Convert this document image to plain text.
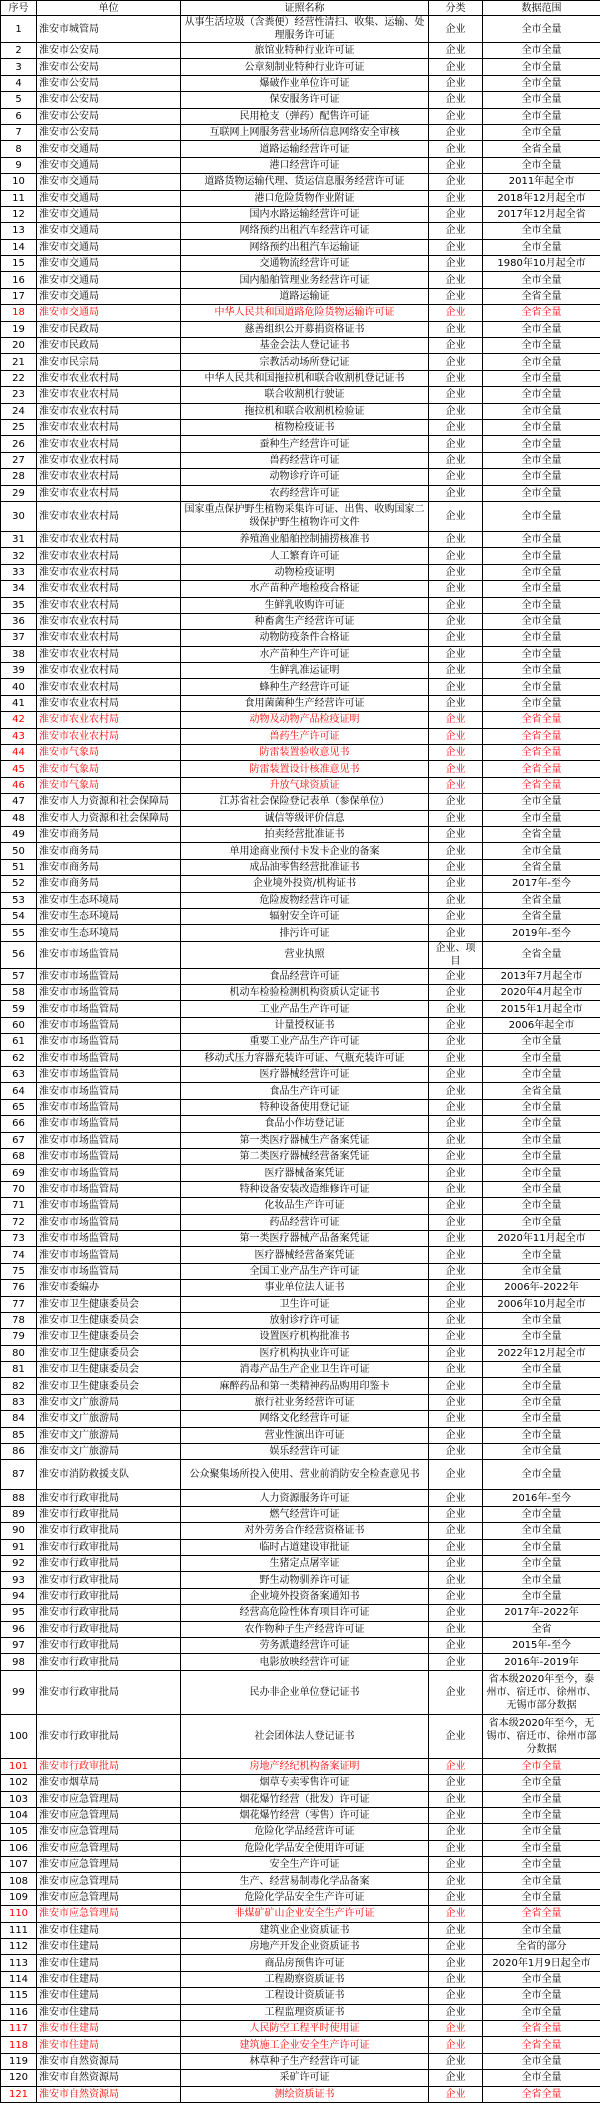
序号	单位	证照名称	分类	数据范围
1	淮安市城管局	从事生活垃圾（含粪便）经营性清扫、收集、运输、处理服务许可证	企业	全市全量
2	淮安市公安局	旅馆业特种行业许可证	企业	全市全量
3	淮安市公安局	公章刻制业特种行业许可证	企业	全市全量
4	淮安市公安局	爆破作业单位许可证	企业	全市全量
5	淮安市公安局	保安服务许可证	企业	全市全量
6	淮安市公安局	民用枪支（弹药）配售许可证	企业	全市全量
7	淮安市公安局	互联网上网服务营业场所信息网络安全审核	企业	全市全量
8	淮安市交通局	道路运输经营许可证	企业	全省全量
9	淮安市交通局	港口经营许可证	企业	全市全量
10	淮安市交通局	道路货物运输代理、货运信息服务经营许可证	企业	2011年起全市
11	淮安市交通局	港口危险货物作业附证	企业	2018年12月起全市
12	淮安市交通局	国内水路运输经营许可证	企业	2017年12月起全省
13	淮安市交通局	网络预约出租汽车经营许可证	企业	全市全量
14	淮安市交通局	网络预约出租汽车运输证	企业	全市全量
15	淮安市交通局	交通物流经营许可证	企业	1980年10月起全市
16	淮安市交通局	国内船舶管理业务经营许可证	企业	全市全量
17	淮安市交通局	道路运输证	企业	全省全量
18	淮安市交通局	中华人民共和国道路危险货物运输许可证	企业	全省全量
19	淮安市民政局	慈善组织公开募捐资格证书	企业	全市全量
20	淮安市民政局	基金会法人登记证书	企业	全市全量
21	淮安市民宗局	宗教活动场所登记证	企业	全市全量
22	淮安市农业农村局	中华人民共和国拖拉机和联合收割机登记证书	企业	全市全量
23	淮安市农业农村局	联合收割机行驶证	企业	全市全量
24	淮安市农业农村局	拖拉机和联合收割机检验证	企业	全市全量
25	淮安市农业农村局	植物检疫证书	企业	全市全量
26	淮安市农业农村局	蚕种生产经营许可证	企业	全市全量
27	淮安市农业农村局	兽药经营许可证	企业	全市全量
28	淮安市农业农村局	动物诊疗许可证	企业	全市全量
29	淮安市农业农村局	农药经营许可证	企业	全市全量
30	淮安市农业农村局	国家重点保护野生植物采集许可证、出售、收购国家二级保护野生植物许可文件	企业	全市全量
31	淮安市农业农村局	养殖渔业船舶控制捕捞核准书	企业	全市全量
32	淮安市农业农村局	人工繁育许可证	企业	全市全量
33	淮安市农业农村局	动物检疫证明	企业	全市全量
34	淮安市农业农村局	水产苗种产地检疫合格证	企业	全市全量
35	淮安市农业农村局	生鲜乳收购许可证	企业	全市全量
36	淮安市农业农村局	种畜禽生产经营许可证	企业	全市全量
37	淮安市农业农村局	动物防疫条件合格证	企业	全市全量
38	淮安市农业农村局	水产苗种生产许可证	企业	全市全量
39	淮安市农业农村局	生鲜乳准运证明	企业	全市全量
40	淮安市农业农村局	蜂种生产经营许可证	企业	全市全量
41	淮安市农业农村局	食用菌菌种生产经营许可证	企业	全市全量
42	淮安市农业农村局	动物及动物产品检疫证明	企业	全省全量
43	淮安市农业农村局	兽药生产许可证	企业	全省全量
44	淮安市气象局	防雷装置验收意见书	企业	全省全量
45	淮安市气象局	防雷装置设计核准意见书	企业	全省全量
46	淮安市气象局	升放气球资质证	企业	全省全量
47	淮安市人力资源和社会保障局	江苏省社会保险登记表单（参保单位）	企业	全市全量
48	淮安市人力资源和社会保障局	诚信等级评价信息	企业	全市全量
49	淮安市商务局	拍卖经营批准证书	企业	全省全量
50	淮安市商务局	单用途商业预付卡发卡企业的备案	企业	全市全量
51	淮安市商务局	成品油零售经营批准证书	企业	全省全量
52	淮安市商务局	企业境外投资/机构证书	企业	2017年-至今
53	淮安市生态环境局	危险废物经营许可证	企业	全省全量
54	淮安市生态环境局	辐射安全许可证	企业	全省全量
55	淮安市生态环境局	排污许可证	企业	2019年-至今
56	淮安市市场监管局	营业执照	企业、项目	全省全量
57	淮安市市场监管局	食品经营许可证	企业	2013年7月起全市
58	淮安市市场监管局	机动车检验检测机构资质认定证书	企业	2020年4月起全市
59	淮安市市场监管局	工业产品生产许可证	企业	2015年1月起全市
60	淮安市市场监管局	计量授权证书	企业	2006年起全市
61	淮安市市场监管局	重要工业产品生产许可证	企业	全市全量
62	淮安市市场监管局	移动式压力容器充装许可证、气瓶充装许可证	企业	全市全量
63	淮安市市场监管局	医疗器械经营许可证	企业	全市全量
64	淮安市市场监管局	食品生产许可证	企业	全省全量
65	淮安市市场监管局	特种设备使用登记证	企业	全市全量
66	淮安市市场监管局	食品小作坊登记证	企业	全市全量
67	淮安市市场监管局	第一类医疗器械生产备案凭证	企业	全市全量
68	淮安市市场监管局	第二类医疗器械经营备案凭证	企业	全市全量
69	淮安市市场监管局	医疗器械备案凭证	企业	全市全量
70	淮安市市场监管局	特种设备安装改造维修许可证	企业	全市全量
71	淮安市市场监管局	化妆品生产许可证	企业	全市全量
72	淮安市市场监管局	药品经营许可证	企业	全市全量
73	淮安市市场监管局	第一类医疗器械产品备案凭证	企业	2020年11月起全市
74	淮安市市场监管局	医疗器械经营备案凭证	企业	全市全量
75	淮安市市场监管局	全国工业产品生产许可证	企业	全市全量
76	淮安市委编办	事业单位法人证书	企业	2006年-2022年
77	淮安市卫生健康委员会	卫生许可证	企业	2006年10月起全市
78	淮安市卫生健康委员会	放射诊疗许可证	企业	全市全量
79	淮安市卫生健康委员会	设置医疗机构批准书	企业	全市全量
80	淮安市卫生健康委员会	医疗机构执业许可证	企业	2022年12月起全市
81	淮安市卫生健康委员会	消毒产品生产企业卫生许可证	企业	全市全量
82	淮安市卫生健康委员会	麻醉药品和第一类精神药品购用印鉴卡	企业	全市全量
83	淮安市文广旅游局	旅行社业务经营许可证	企业	全市全量
84	淮安市文广旅游局	网络文化经营许可证	企业	全市全量
85	淮安市文广旅游局	营业性演出许可证	企业	全市全量
86	淮安市文广旅游局	娱乐经营许可证	企业	全市全量
87	淮安市消防救援支队	公众聚集场所投入使用、营业前消防安全检查意见书	企业	全市全量
88	淮安市行政审批局	人力资源服务许可证	企业	2016年-至今
89	淮安市行政审批局	燃气经营许可证	企业	全市全量
90	淮安市行政审批局	对外劳务合作经营资格证书	企业	全市全量
91	淮安市行政审批局	临时占道建设审批证	企业	全市全量
92	淮安市行政审批局	生猪定点屠宰证	企业	全市全量
93	淮安市行政审批局	野生动物驯养许可证	企业	全市全量
94	淮安市行政审批局	企业境外投资备案通知书	企业	全市全量
95	淮安市行政审批局	经营高危险性体育项目许可证	企业	2017年-2022年
96	淮安市行政审批局	农作物种子生产经营许可证	企业	全省
97	淮安市行政审批局	劳务派遣经营许可证	企业	2015年-至今
98	淮安市行政审批局	电影放映经营许可证	企业	2016年-2019年
99	淮安市行政审批局	民办非企业单位登记证书	企业	省本级2020年至今，泰州市、宿迁市、徐州市、无锡市部分数据
100	淮安市行政审批局	社会团体法人登记证书	企业	省本级2020年至今，无锡市、宿迁市、徐州市部分数据
101	淮安市行政审批局	房地产经纪机构备案证明	企业	全市全量
102	淮安市烟草局	烟草专卖零售许可证	企业	全市全量
103	淮安市应急管理局	烟花爆竹经营（批发）许可证	企业	全市全量
104	淮安市应急管理局	烟花爆竹经营（零售）许可证	企业	全市全量
105	淮安市应急管理局	危险化学品经营许可证	企业	全市全量
106	淮安市应急管理局	危险化学品安全使用许可证	企业	全市全量
107	淮安市应急管理局	安全生产许可证	企业	全市全量
108	淮安市应急管理局	生产、经营易制毒化学品备案	企业	全市全量
109	淮安市应急管理局	危险化学品安全生产许可证	企业	全市全量
110	淮安市应急管理局	非煤矿矿山企业安全生产许可证	企业	全省全量
111	淮安市住建局	建筑业企业资质证书	企业	全市全量
112	淮安市住建局	房地产开发企业资质证书	企业	全省的部分
113	淮安市住建局	商品房预售许可证	企业	2020年1月9日起全市
114	淮安市住建局	工程勘察资质证书	企业	全市全量
115	淮安市住建局	工程设计资质证书	企业	全市全量
116	淮安市住建局	工程监理资质证书	企业	全市全量
117	淮安市住建局	人民防空工程平时使用证	企业	全省全量
118	淮安市住建局	建筑施工企业安全生产许可证	企业	全省全量
119	淮安市自然资源局	林草种子生产经营许可证	企业	全市全量
120	淮安市自然资源局	采矿许可证	企业	全市全量
121	淮安市自然资源局	测绘资质证书	企业	全省全量
